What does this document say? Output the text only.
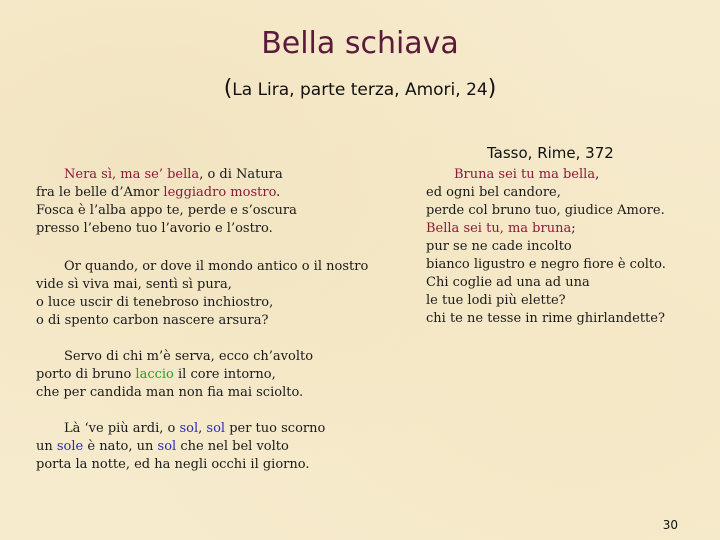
Bella schiava
(La Lira, parte terza, Amori, 24)
Tasso, Rime, 372

Nera sì, ma se’ bella, o di Natura
fra le belle d’Amor leggiadro mostro.
Fosca è l’alba appo te, perde e s’oscura
presso l’ebeno tuo l’avorio e l’ostro.

Or quando, or dove il mondo antico o il nostro
vide sì viva mai, sentì sì pura,
o luce uscir di tenebroso inchiostro,
o di spento carbon nascere arsura?

Servo di chi m’è serva, ecco ch’avolto
porto di bruno laccio il core intorno,
che per candida man non fia mai sciolto.

Là ‘ve più ardi, o sol, sol per tuo scorno
un sole è nato, un sol che nel bel volto
porta la notte, ed ha negli occhi il giorno.

Bruna sei tu ma bella,
ed ogni bel candore,
perde col bruno tuo, giudice Amore.
Bella sei tu, ma bruna;
pur se ne cade incolto
bianco ligustro e negro fiore è colto.
Chi coglie ad una ad una
le tue lodi più elette?
chi te ne tesse in rime ghirlandette?

30
